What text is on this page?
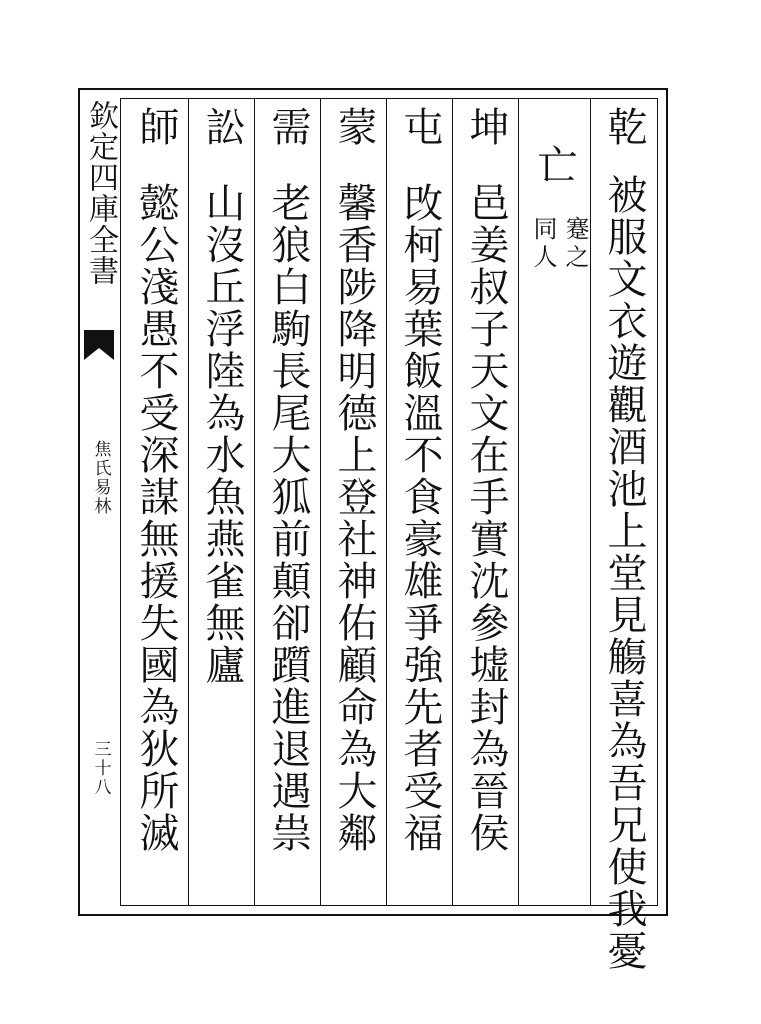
欽定四庫全書
焦氏易林
三十八
乾
被服文衣遊觀酒池上堂見觴喜為吾兄使我憂
亡
蹇之
同人
坤
邑姜叔子天文在手實沈參墟封為晉侯
屯
攺柯易葉飯溫不食豪雄爭強先者受福
蒙
馨香陟降明德上登社神佑顧命為大鄰
需
老狼白駒長尾大狐前顛卻躓進退遇祟
訟
山沒丘浮陸為水魚燕雀無廬
師
懿公淺愚不受深謀無援失國為狄所滅
